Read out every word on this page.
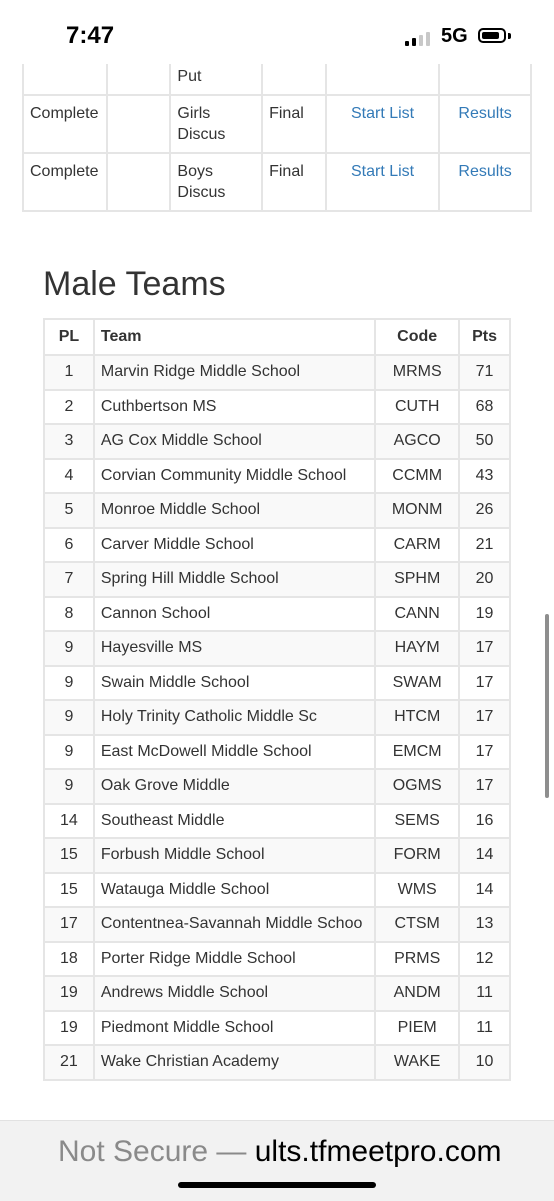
7:47	5G
		Put			
Complete		Girls Discus	Final	Start List	Results
Complete		Boys Discus	Final	Start List	Results
Male Teams
PL	Team	Code	Pts
1	Marvin Ridge Middle School	MRMS	71
2	Cuthbertson MS	CUTH	68
3	AG Cox Middle School	AGCO	50
4	Corvian Community Middle School	CCMM	43
5	Monroe Middle School	MONM	26
6	Carver Middle School	CARM	21
7	Spring Hill Middle School	SPHM	20
8	Cannon School	CANN	19
9	Hayesville MS	HAYM	17
9	Swain Middle School	SWAM	17
9	Holy Trinity Catholic Middle Sc	HTCM	17
9	East McDowell Middle School	EMCM	17
9	Oak Grove Middle	OGMS	17
14	Southeast Middle	SEMS	16
15	Forbush Middle School	FORM	14
15	Watauga Middle School	WMS	14
17	Contentnea-Savannah Middle Schoo	CTSM	13
18	Porter Ridge Middle School	PRMS	12
19	Andrews Middle School	ANDM	11
19	Piedmont Middle School	PIEM	11
21	Wake Christian Academy	WAKE	10
Not Secure — ults.tfmeetpro.com
